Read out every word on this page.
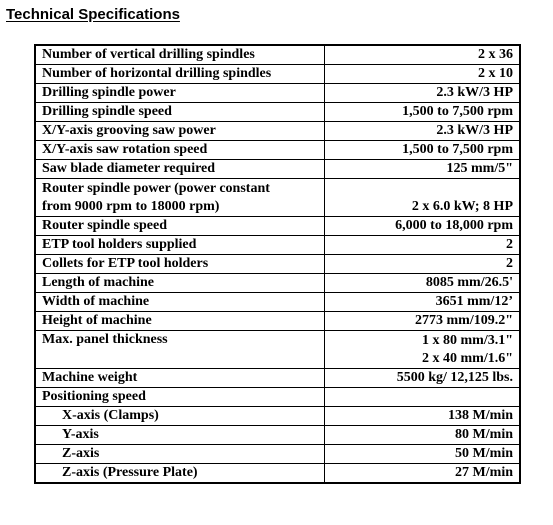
Technical Specifications
Number of vertical drilling spindles	2 x 36
Number of horizontal drilling spindles	2 x 10
Drilling spindle power	2.3 kW/3 HP
Drilling spindle speed	1,500 to 7,500 rpm
X/Y-axis grooving saw power	2.3 kW/3 HP
X/Y-axis saw rotation speed	1,500 to 7,500 rpm
Saw blade diameter required	125 mm/5"

Router spindle power (power constant
from 9000 rpm to 18000 rpm)	2 x 6.0 kW; 8 HP
Router spindle speed	6,000 to 18,000 rpm
ETP tool holders supplied	2
Collets for ETP tool holders	2
Length of machine	8085 mm/26.5'
Width of machine	3651 mm/12’
Height of machine	2773 mm/109.2"
Max. panel thickness	1 x 80 mm/3.1"
2 x 40 mm/1.6"

Machine weight	5500 kg/ 12,125 lbs.
Positioning speed	
X-axis (Clamps)	138 M/min
Y-axis	80 M/min
Z-axis	50 M/min
Z-axis (Pressure Plate)	27 M/min
